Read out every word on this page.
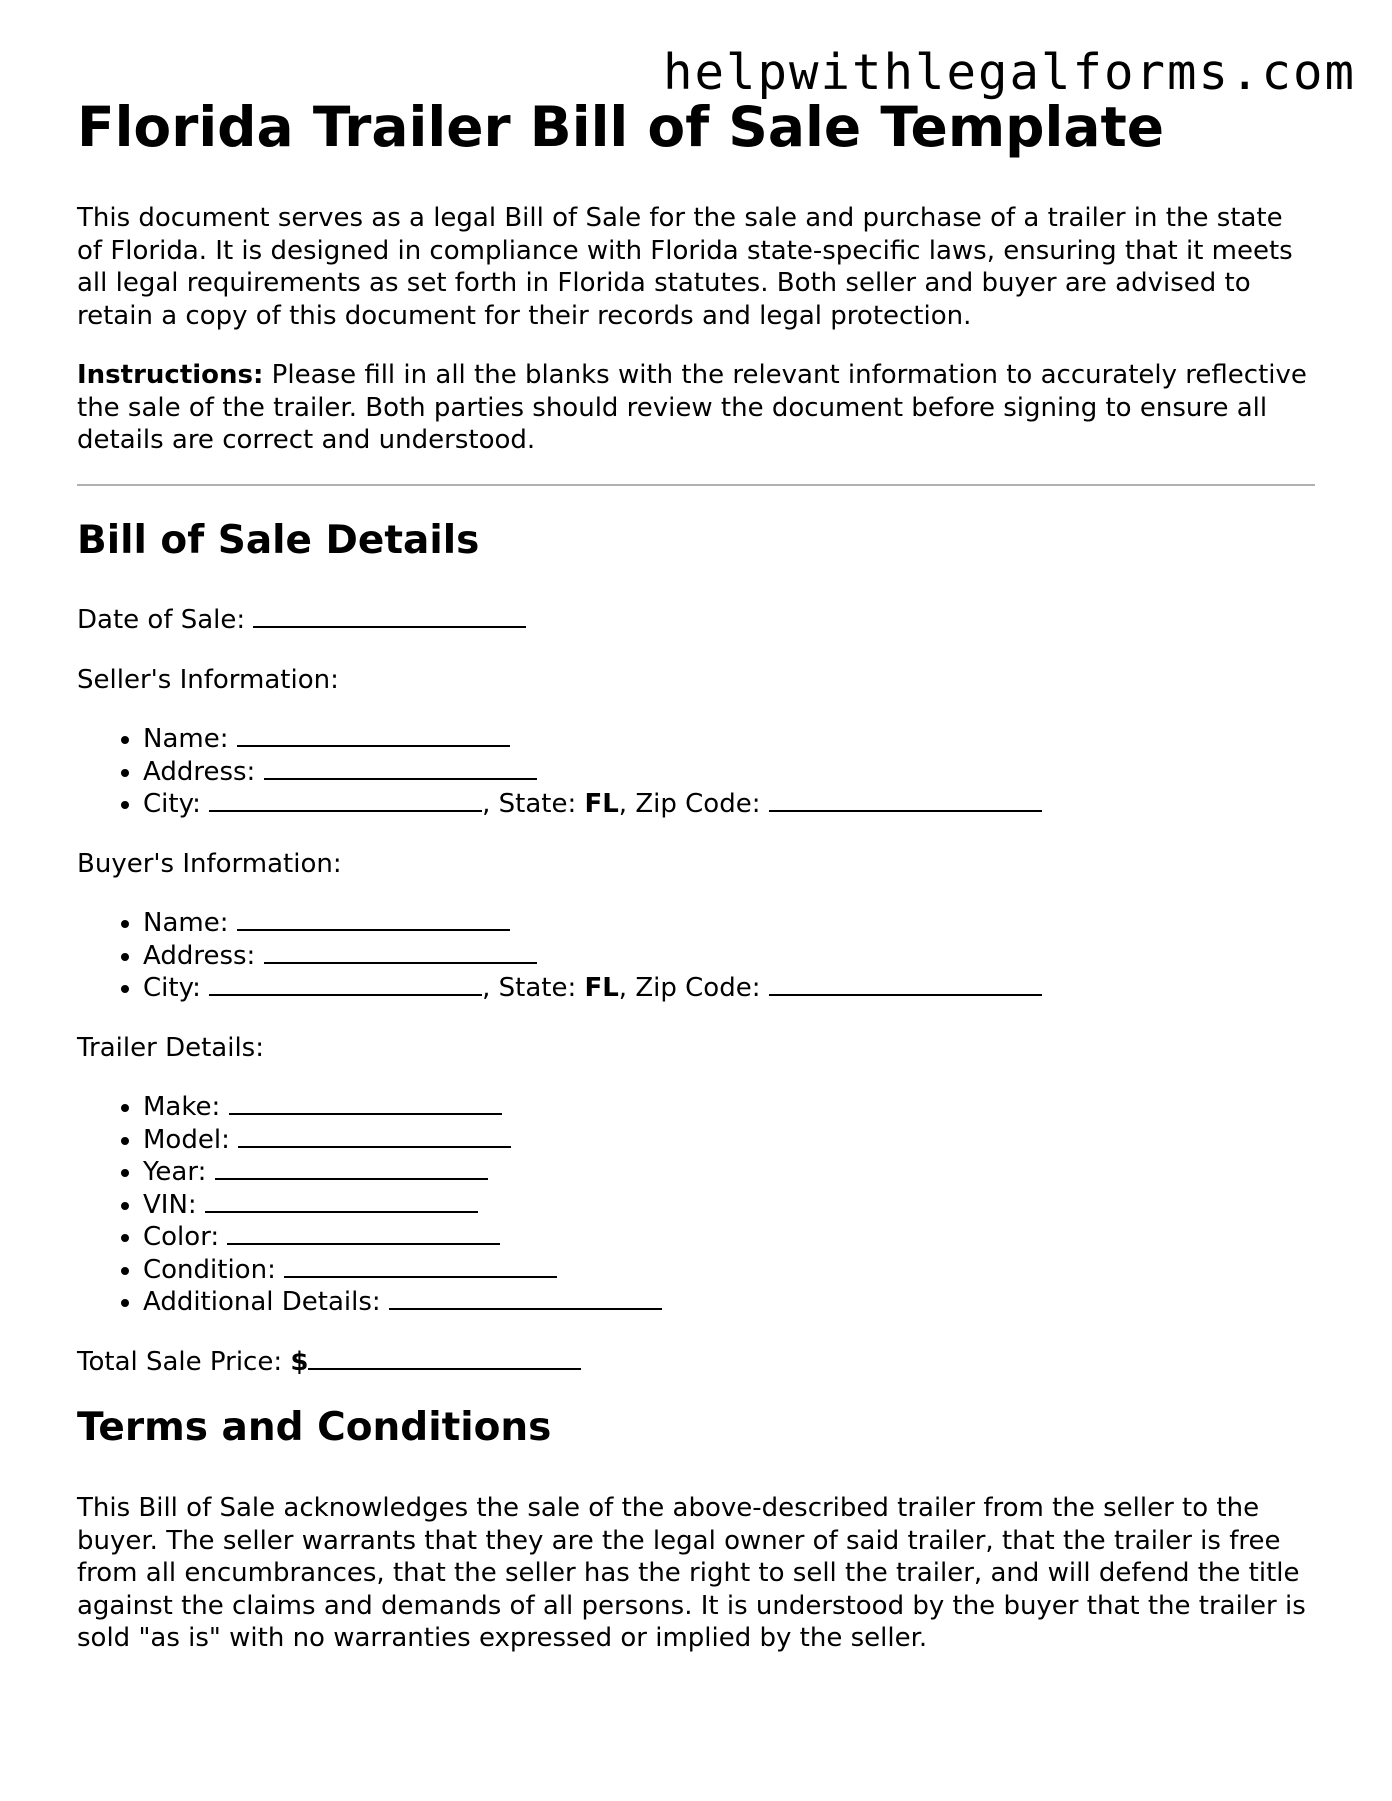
helpwithlegalforms.com
Florida Trailer Bill of Sale Template

This document serves as a legal Bill of Sale for the sale and purchase of a trailer in the state of Florida. It is designed in compliance with Florida state-specific laws, ensuring that it meets all legal requirements as set forth in Florida statutes. Both seller and buyer are advised to retain a copy of this document for their records and legal protection.

Instructions: Please fill in all the blanks with the relevant information to accurately reflective the sale of the trailer. Both parties should review the document before signing to ensure all details are correct and understood.

Bill of Sale Details

Date of Sale:

Seller's Information:

• Name:
• Address:
• City:	, State: FL, Zip Code:

Buyer's Information:

• Name:
• Address:
• City:	, State: FL, Zip Code:

Trailer Details:

• Make:
• Model:
• Year:
• VIN:
• Color:
• Condition:
• Additional Details:

Total Sale Price: $

Terms and Conditions

This Bill of Sale acknowledges the sale of the above-described trailer from the seller to the buyer. The seller warrants that they are the legal owner of said trailer, that the trailer is free from all encumbrances, that the seller has the right to sell the trailer, and will defend the title against the claims and demands of all persons. It is understood by the buyer that the trailer is sold "as is" with no warranties expressed or implied by the seller.
